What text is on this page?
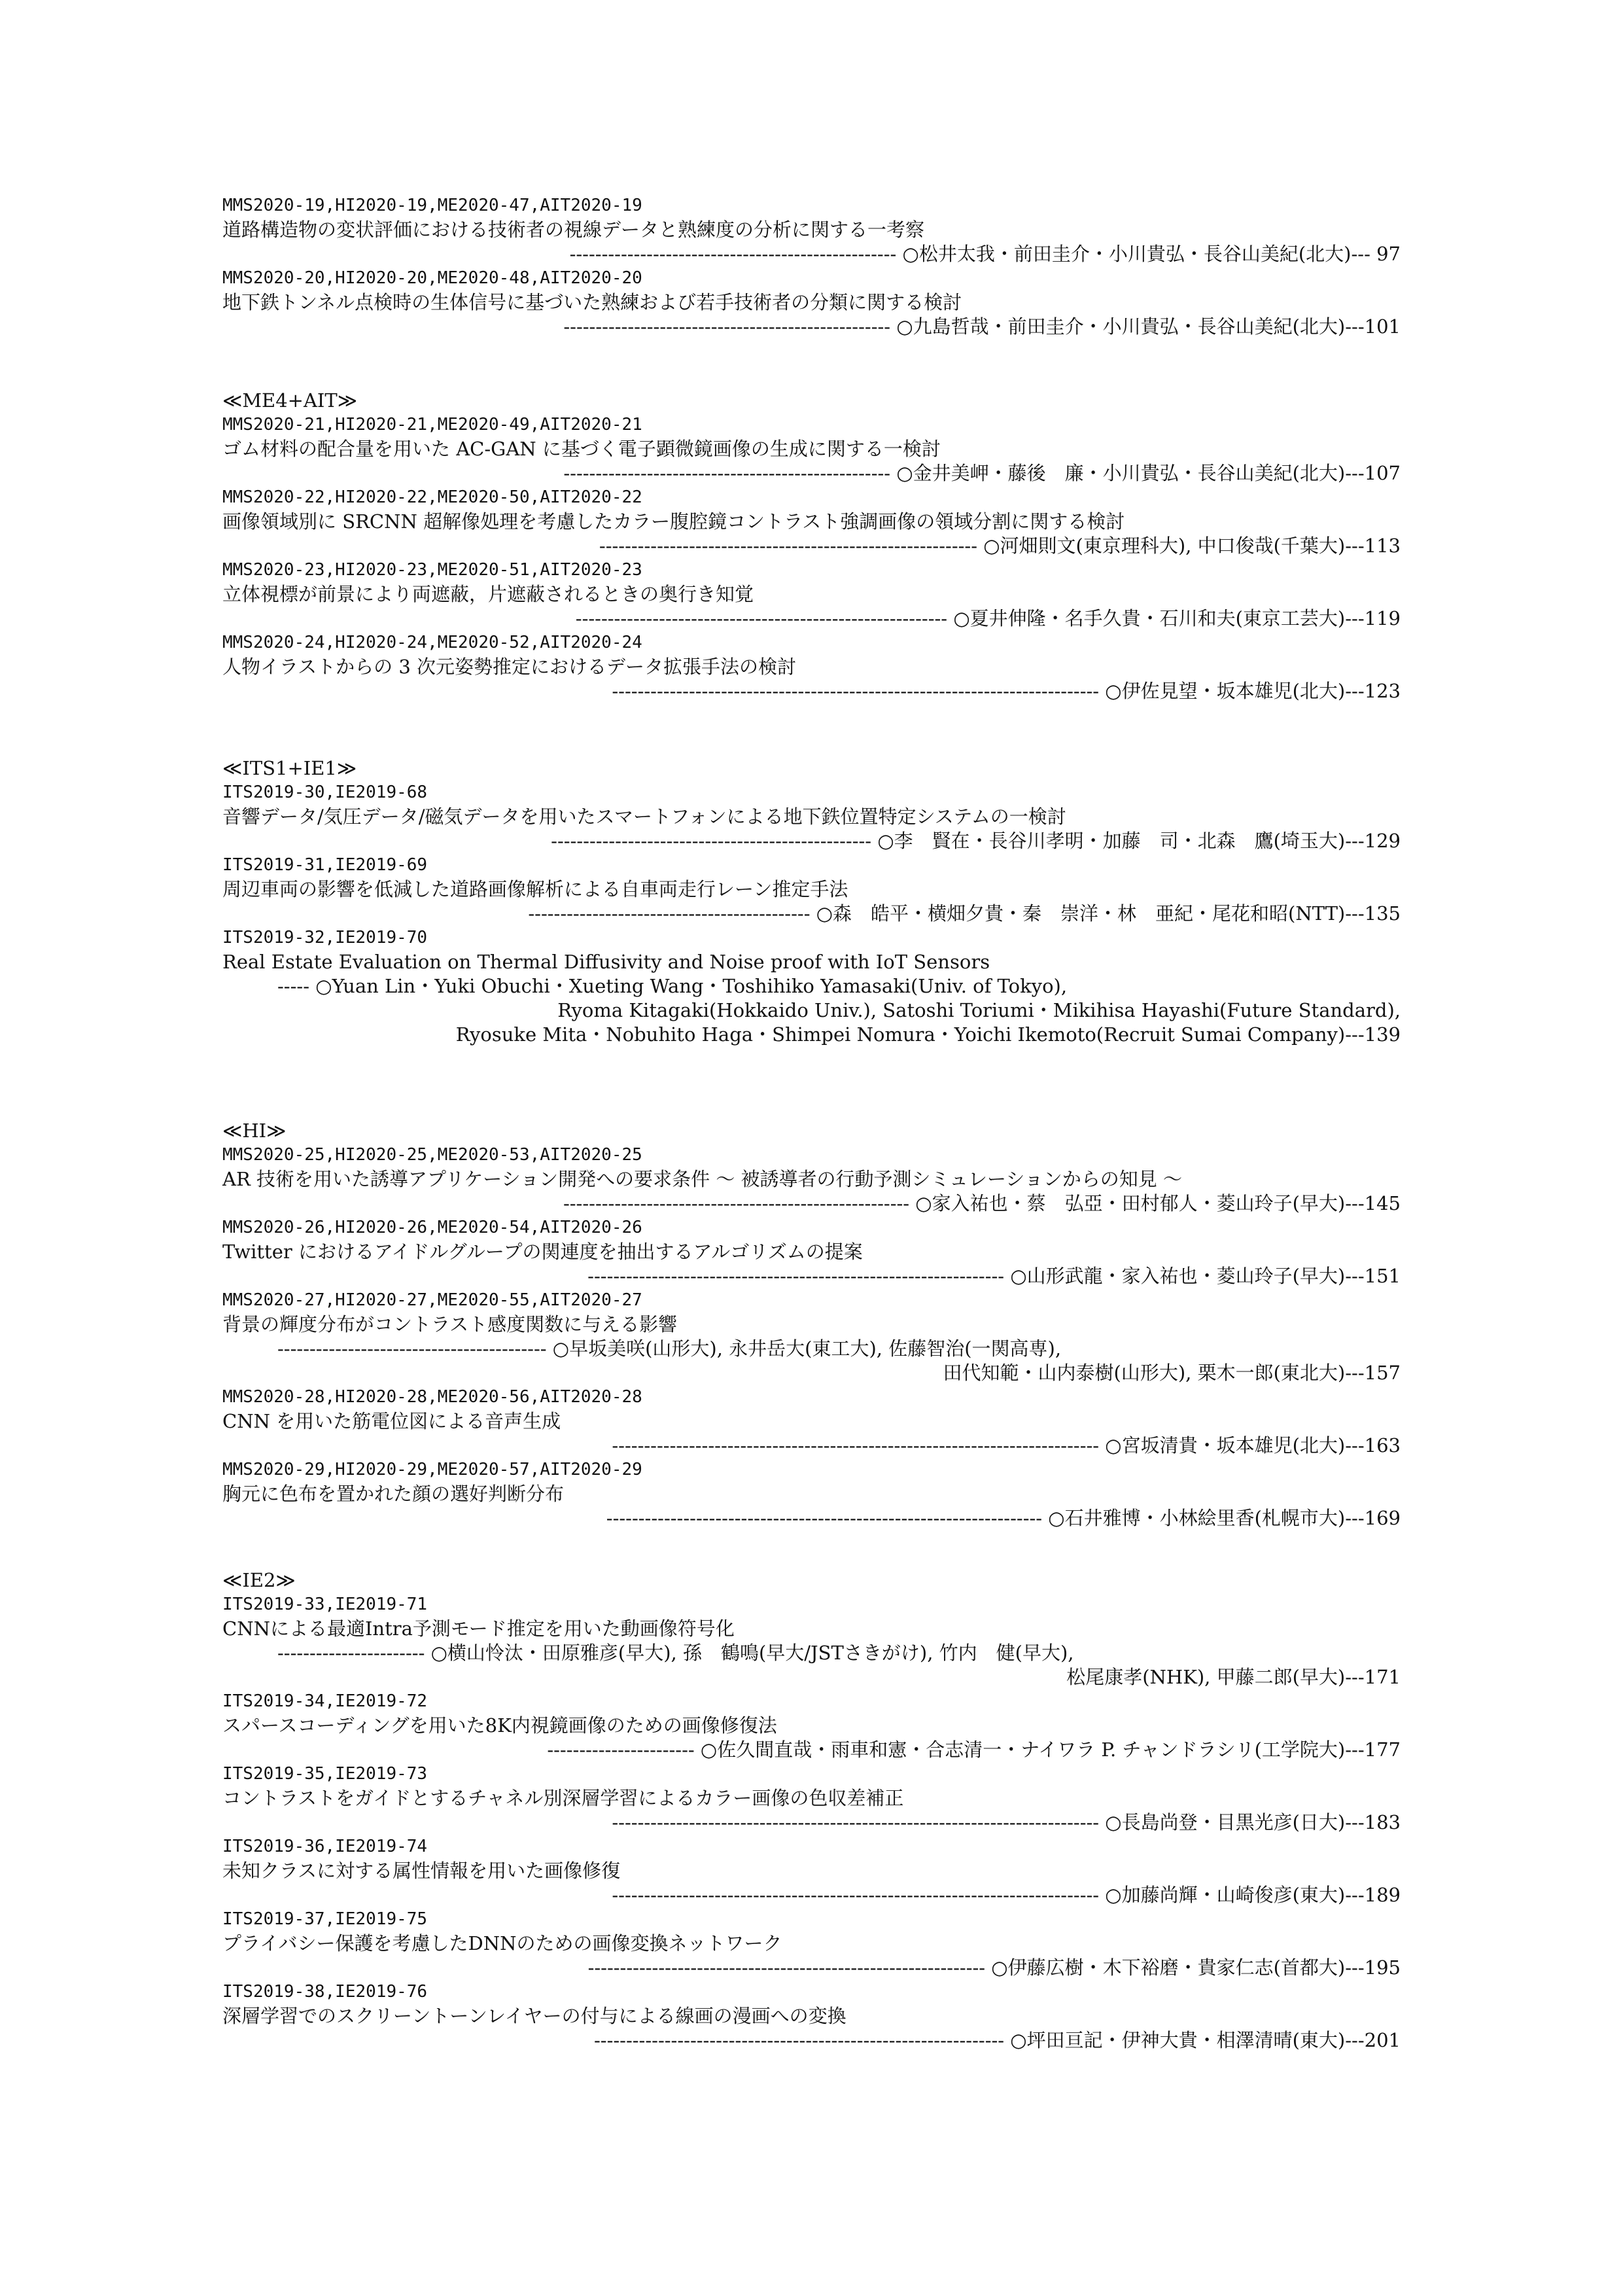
MMS2020-19,HI2020-19,ME2020-47,AIT2020-19
道路構造物の変状評価における技術者の視線データと熟練度の分析に関する一考察
--------------------------------------------------- ○松井太我・前田圭介・小川貴弘・長谷山美紀(北大)--- 97
MMS2020-20,HI2020-20,ME2020-48,AIT2020-20
地下鉄トンネル点検時の生体信号に基づいた熟練および若手技術者の分類に関する検討
--------------------------------------------------- ○九島哲哉・前田圭介・小川貴弘・長谷山美紀(北大)---101
≪ME4+AIT≫
MMS2020-21,HI2020-21,ME2020-49,AIT2020-21
ゴム材料の配合量を用いた AC-GAN に基づく電子顕微鏡画像の生成に関する一検討
--------------------------------------------------- ○金井美岬・藤後　廉・小川貴弘・長谷山美紀(北大)---107
MMS2020-22,HI2020-22,ME2020-50,AIT2020-22
画像領域別に SRCNN 超解像処理を考慮したカラー腹腔鏡コントラスト強調画像の領域分割に関する検討
----------------------------------------------------------- ○河畑則文(東京理科大), 中口俊哉(千葉大)---113
MMS2020-23,HI2020-23,ME2020-51,AIT2020-23
立体視標が前景により両遮蔽，片遮蔽されるときの奥行き知覚
---------------------------------------------------------- ○夏井伸隆・名手久貴・石川和夫(東京工芸大)---119
MMS2020-24,HI2020-24,ME2020-52,AIT2020-24
人物イラストからの 3 次元姿勢推定におけるデータ拡張手法の検討
---------------------------------------------------------------------------- ○伊佐見望・坂本雄児(北大)---123
≪ITS1+IE1≫
ITS2019-30,IE2019-68
音響データ/気圧データ/磁気データを用いたスマートフォンによる地下鉄位置特定システムの一検討
-------------------------------------------------- ○李　賢在・長谷川孝明・加藤　司・北森　鷹(埼玉大)---129
ITS2019-31,IE2019-69
周辺車両の影響を低減した道路画像解析による自車両走行レーン推定手法
-------------------------------------------- ○森　皓平・横畑夕貴・秦　崇洋・林　亜紀・尾花和昭(NTT)---135
ITS2019-32,IE2019-70
Real Estate Evaluation on Thermal Diffusivity and Noise proof with IoT Sensors
----- ○Yuan Lin・Yuki Obuchi・Xueting Wang・Toshihiko Yamasaki(Univ. of Tokyo),
Ryoma Kitagaki(Hokkaido Univ.), Satoshi Toriumi・Mikihisa Hayashi(Future Standard),
Ryosuke Mita・Nobuhito Haga・Shimpei Nomura・Yoichi Ikemoto(Recruit Sumai Company)---139
≪HI≫
MMS2020-25,HI2020-25,ME2020-53,AIT2020-25
AR 技術を用いた誘導アプリケーション開発への要求条件 ～ 被誘導者の行動予測シミュレーションからの知見 ～
------------------------------------------------------ ○家入祐也・蔡　弘亞・田村郁人・菱山玲子(早大)---145
MMS2020-26,HI2020-26,ME2020-54,AIT2020-26
Twitter におけるアイドルグループの関連度を抽出するアルゴリズムの提案
----------------------------------------------------------------- ○山形武龍・家入祐也・菱山玲子(早大)---151
MMS2020-27,HI2020-27,ME2020-55,AIT2020-27
背景の輝度分布がコントラスト感度関数に与える影響
------------------------------------------ ○早坂美咲(山形大), 永井岳大(東工大), 佐藤智治(一関高専),
田代知範・山内泰樹(山形大), 栗木一郎(東北大)---157
MMS2020-28,HI2020-28,ME2020-56,AIT2020-28
CNN を用いた筋電位図による音声生成
---------------------------------------------------------------------------- ○宮坂清貴・坂本雄児(北大)---163
MMS2020-29,HI2020-29,ME2020-57,AIT2020-29
胸元に色布を置かれた顔の選好判断分布
-------------------------------------------------------------------- ○石井雅博・小林絵里香(札幌市大)---169
≪IE2≫
ITS2019-33,IE2019-71
CNNによる最適Intra予測モード推定を用いた動画像符号化
----------------------- ○横山怜汰・田原雅彦(早大), 孫　鶴鳴(早大/JSTさきがけ), 竹内　健(早大),
松尾康孝(NHK), 甲藤二郎(早大)---171
ITS2019-34,IE2019-72
スパースコーディングを用いた8K内視鏡画像のための画像修復法
----------------------- ○佐久間直哉・雨車和憲・合志清一・ナイワラ P. チャンドラシリ(工学院大)---177
ITS2019-35,IE2019-73
コントラストをガイドとするチャネル別深層学習によるカラー画像の色収差補正
---------------------------------------------------------------------------- ○長島尚登・目黒光彦(日大)---183
ITS2019-36,IE2019-74
未知クラスに対する属性情報を用いた画像修復
---------------------------------------------------------------------------- ○加藤尚輝・山崎俊彦(東大)---189
ITS2019-37,IE2019-75
プライバシー保護を考慮したDNNのための画像変換ネットワーク
-------------------------------------------------------------- ○伊藤広樹・木下裕磨・貴家仁志(首都大)---195
ITS2019-38,IE2019-76
深層学習でのスクリーントーンレイヤーの付与による線画の漫画への変換
---------------------------------------------------------------- ○坪田亘記・伊神大貴・相澤清晴(東大)---201
